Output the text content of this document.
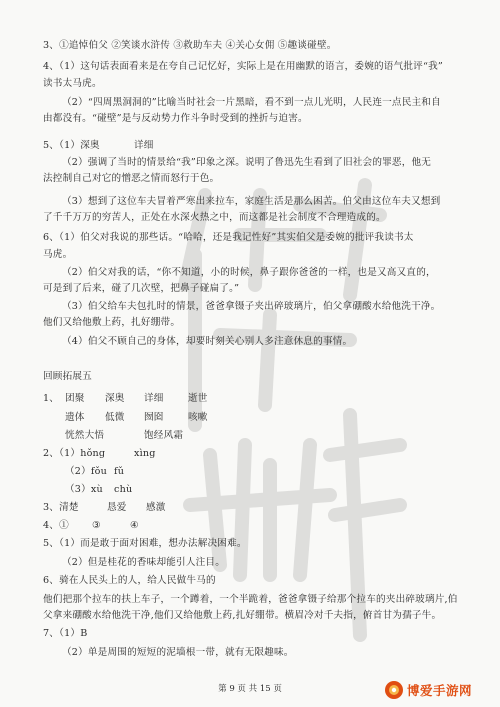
3、①追悼伯父 ②笑谈水浒传 ③救助车夫 ④关心女佣 ⑤趣谈碰壁。
4、（1）这句话表面看来是在夸自己记忆好，实际上是在用幽默的语言，委婉的语气批评“我”
读书太马虎。
（2）“四周黑洞洞的”比喻当时社会一片黑暗，看不到一点儿光明，人民连一点民主和自
由都没有。“碰壁”是与反动势力作斗争时受到的挫折与迫害。
5、（1）深奥	详细
（2）强调了当时的情景给“我”印象之深。说明了鲁迅先生看到了旧社会的罪恶，他无
法控制自己对它的憎恶之情而怒行于色。
（3）想到了这位车夫冒着严寒出来拉车，家庭生活是那么困苦。伯父由这位车夫又想到
了千千万万的穷苦人，正处在水深火热之中，而这都是社会制度不合理造成的。
6、（1）伯父对我说的那些话。“哈哈，还是我记性好”其实伯父是委婉的批评我读书太
马虎。
（2）伯父对我的话，“你不知道，小的时候，鼻子跟你爸爸的一样，也是又高又直的，
可是到了后来，碰了几次壁，把鼻子碰扁了。”
（3）伯父给车夫包扎时的情景，爸爸拿镊子夹出碎玻璃片，伯父拿硼酸水给他洗干净。
他们又给他敷上药，扎好绷带。
（4）伯父不顾自己的身体，却要时刻关心别人多注意休息的事情。
回顾拓展五
1、 团聚 深奥 详细	逝世
遗体 低微 囫囵	咳嗽
恍然大悟	饱经风霜
2、（1）hǒng	xìng
（2）fǒu fǔ
（3）xù chù
3、清楚	恳爱 感激
4、① ③	④
5、（1）而是敢于面对困难，想办法解决困难。
（2）但是桂花的香味却能引人注目。
6、骑在人民头上的人，给人民做牛马的
他们把那个拉车的扶上车子，一个蹲着，一个半跪着，爸爸拿镊子给那个拉车的夹出碎玻璃片,伯
父拿来硼酸水给他洗干净,他们又给他敷上药,扎好绷带。横眉冷对千夫指，俯首甘为孺子牛。
7、（1）B
（2）单是周围的短短的泥墙根一带，就有无限趣味。
作业精灵
第 9 页 共 15 页	博爱手游网
